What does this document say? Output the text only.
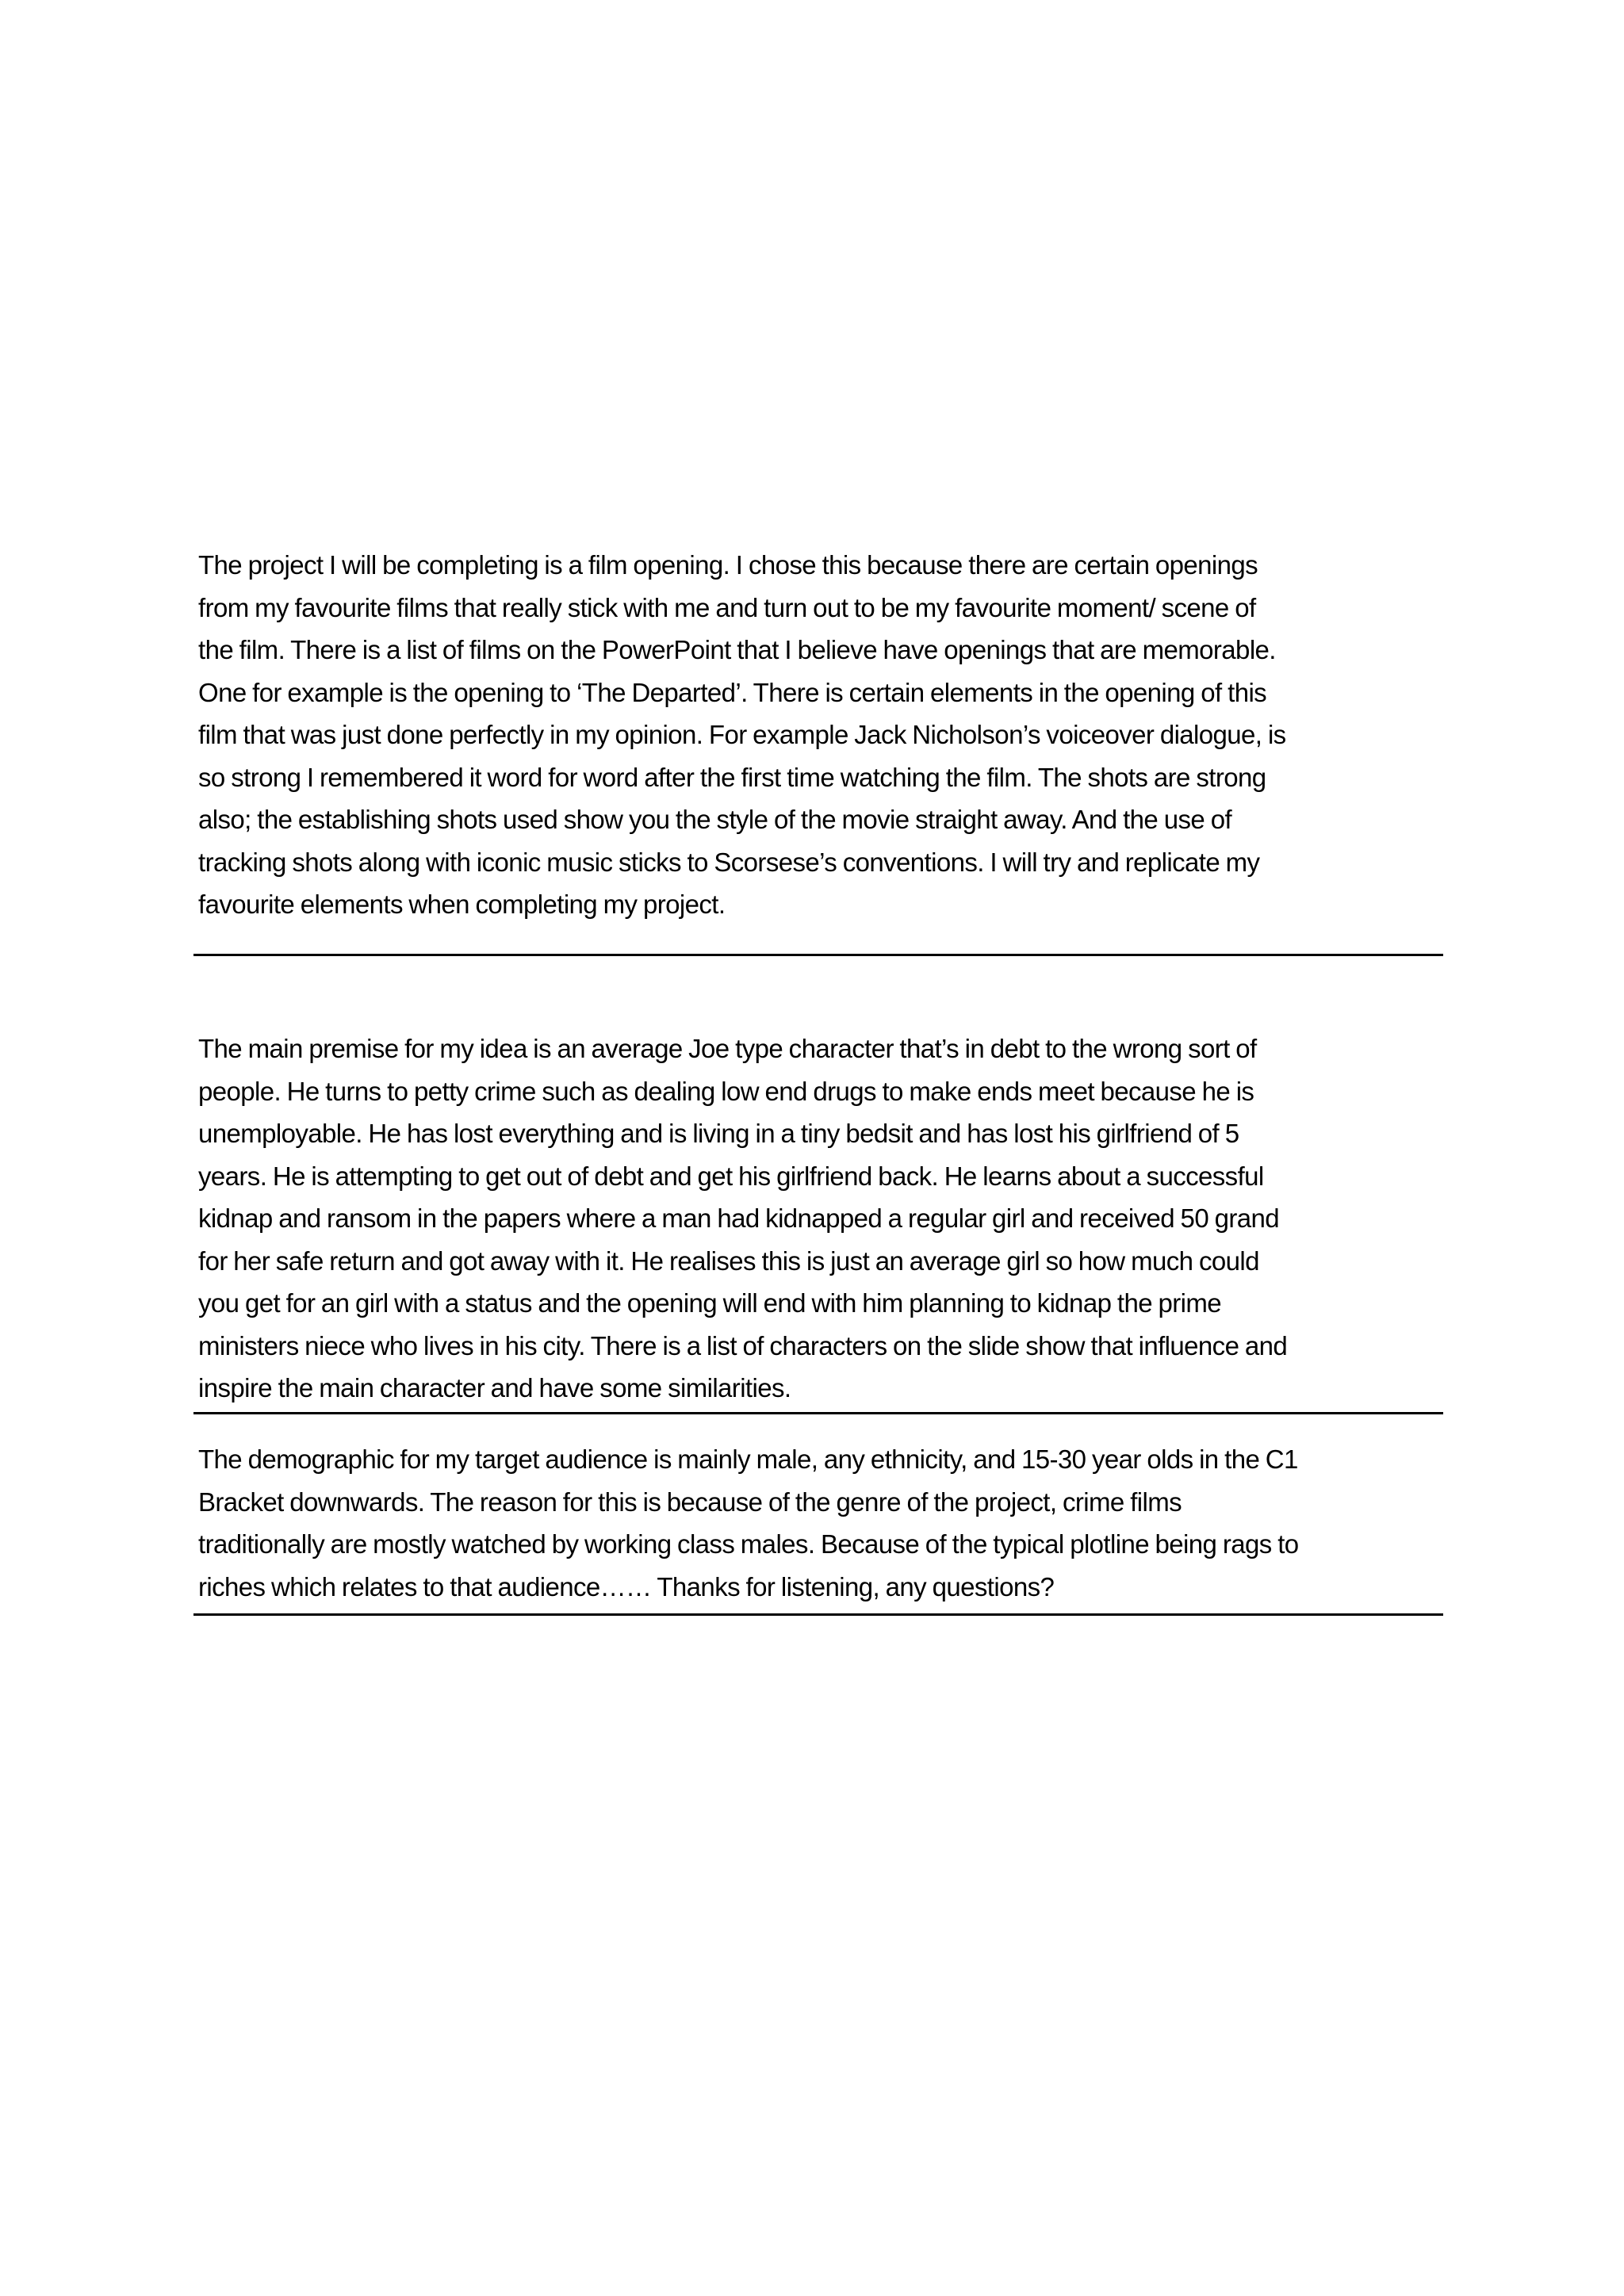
The project I will be completing is a film opening. I chose this because there are certain openings
from my favourite films that really stick with me and turn out to be my favourite moment/ scene of
the film. There is a list of films on the PowerPoint that I believe have openings that are memorable.
One for example is the opening to ‘The Departed’. There is certain elements in the opening of this
film that was just done perfectly in my opinion. For example Jack Nicholson’s voiceover dialogue, is
so strong I remembered it word for word after the first time watching the film. The shots are strong
also; the establishing shots used show you the style of the movie straight away. And the use of
tracking shots along with iconic music sticks to Scorsese’s conventions. I will try and replicate my
favourite elements when completing my project.

The main premise for my idea is an average Joe type character that’s in debt to the wrong sort of
people. He turns to petty crime such as dealing low end drugs to make ends meet because he is
unemployable. He has lost everything and is living in a tiny bedsit and has lost his girlfriend of 5
years. He is attempting to get out of debt and get his girlfriend back. He learns about a successful
kidnap and ransom in the papers where a man had kidnapped a regular girl and received 50 grand
for her safe return and got away with it. He realises this is just an average girl so how much could
you get for an girl with a status and the opening will end with him planning to kidnap the prime
ministers niece who lives in his city. There is a list of characters on the slide show that influence and
inspire the main character and have some similarities.

The demographic for my target audience is mainly male, any ethnicity, and 15-30 year olds in the C1
Bracket downwards. The reason for this is because of the genre of the project, crime films
traditionally are mostly watched by working class males. Because of the typical plotline being rags to
riches which relates to that audience…… Thanks for listening, any questions?
